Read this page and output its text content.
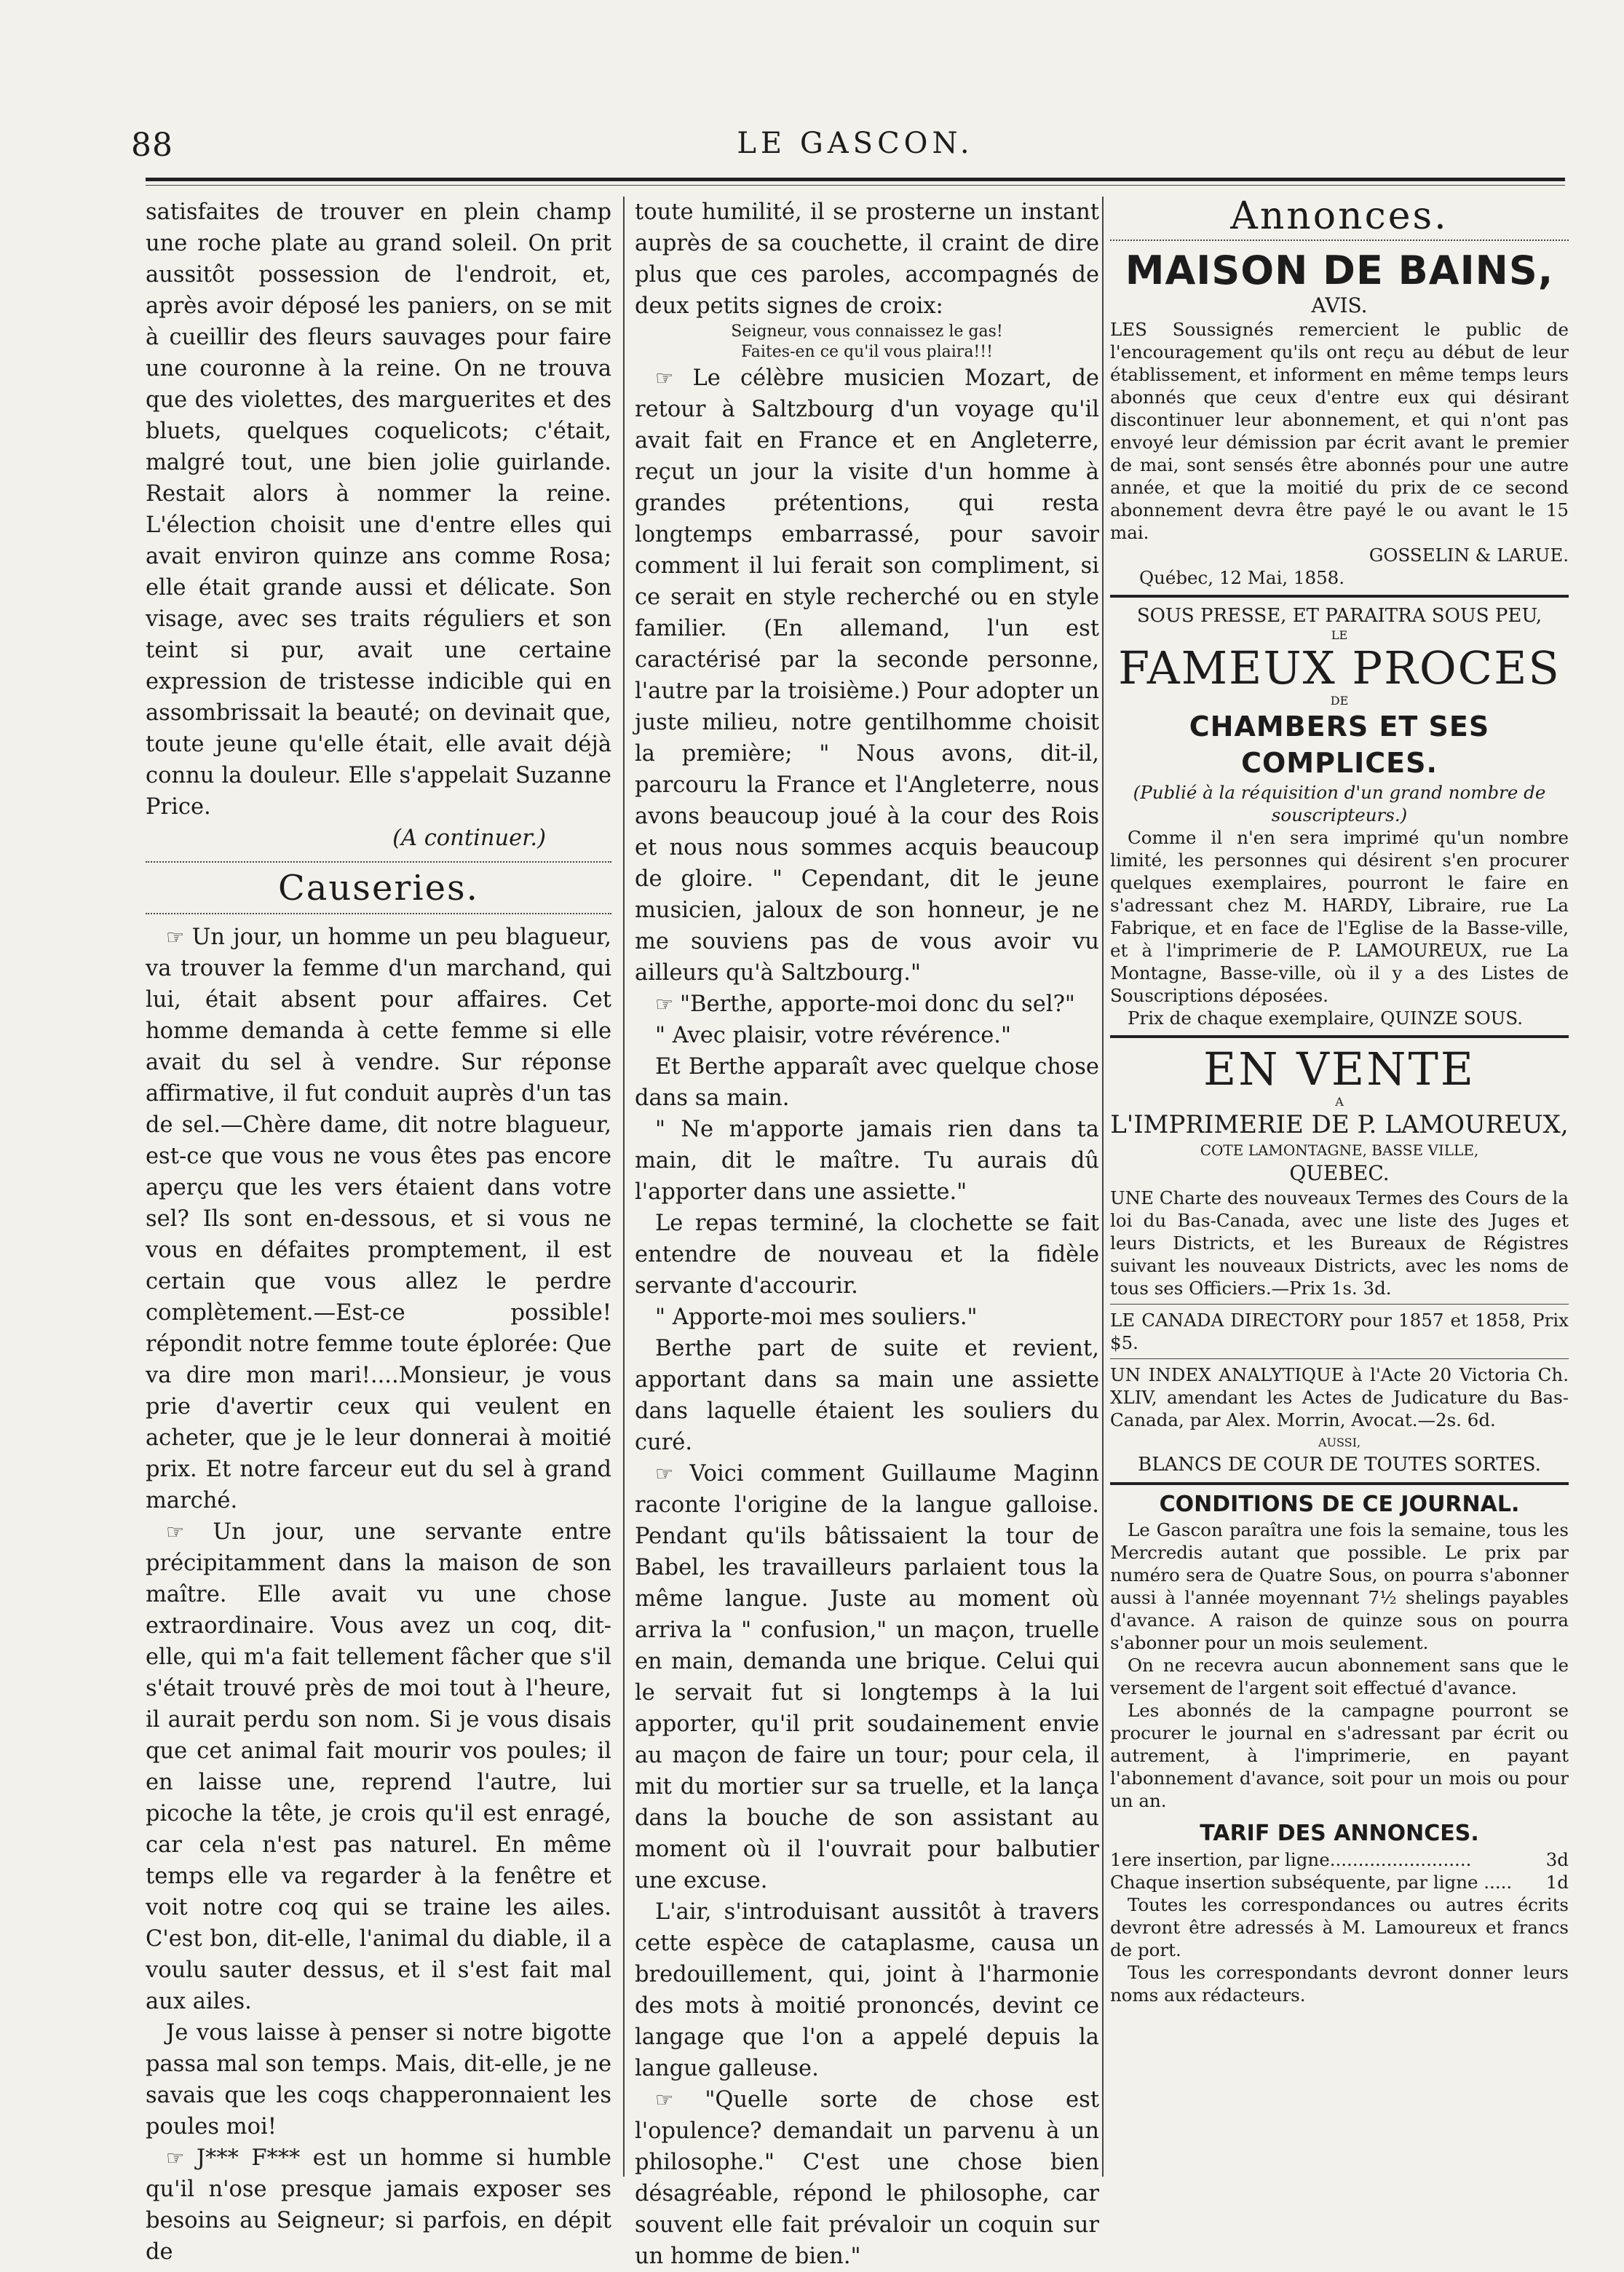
88	LE GASCON.

satisfaites de trouver en plein champ une roche plate au grand soleil. On prit aussitôt possession de l'endroit, et, après avoir déposé les paniers, on se mit à cueillir des fleurs sauvages pour faire une couronne à la reine. On ne trouva que des violettes, des marguerites et des bluets, quelques coquelicots; c'était, malgré tout, une bien jolie guirlande. Restait alors à nommer la reine. L'élection choisit une d'entre elles qui avait environ quinze ans comme Rosa; elle était grande aussi et délicate. Son visage, avec ses traits réguliers et son teint si pur, avait une certaine expression de tristesse indicible qui en assombrissait la beauté; on devinait que, toute jeune qu'elle était, elle avait déjà connu la douleur. Elle s'appelait Suzanne Price.

(A continuer.)
Causeries.

☞ Un jour, un homme un peu blagueur, va trouver la femme d'un marchand, qui lui, était absent pour affaires. Cet homme demanda à cette femme si elle avait du sel à vendre. Sur réponse affirmative, il fut conduit auprès d'un tas de sel.—Chère dame, dit notre blagueur, est-ce que vous ne vous êtes pas encore aperçu que les vers étaient dans votre sel? Ils sont en-dessous, et si vous ne vous en défaites promptement, il est certain que vous allez le perdre complètement.—Est-ce possible! répondit notre femme toute éplorée: Que va dire mon mari!....Monsieur, je vous prie d'avertir ceux qui veulent en acheter, que je le leur donnerai à moitié prix. Et notre farceur eut du sel à grand marché.

☞ Un jour, une servante entre précipitamment dans la maison de son maître. Elle avait vu une chose extraordinaire. Vous avez un coq, dit-elle, qui m'a fait tellement fâcher que s'il s'était trouvé près de moi tout à l'heure, il aurait perdu son nom. Si je vous disais que cet animal fait mourir vos poules; il en laisse une, reprend l'autre, lui picoche la tête, je crois qu'il est enragé, car cela n'est pas naturel. En même temps elle va regarder à la fenêtre et voit notre coq qui se traine les ailes. C'est bon, dit-elle, l'animal du diable, il a voulu sauter dessus, et il s'est fait mal aux ailes.

Je vous laisse à penser si notre bigotte passa mal son temps. Mais, dit-elle, je ne savais que les coqs chapperonnaient les poules moi!

☞ J*** F*** est un homme si humble qu'il n'ose presque jamais exposer ses besoins au Seigneur; si parfois, en dépit de

toute humilité, il se prosterne un instant auprès de sa couchette, il craint de dire plus que ces paroles, accompagnés de deux petits signes de croix:

Seigneur, vous connaissez le gas!
Faites-en ce qu'il vous plaira!!!

☞ Le célèbre musicien Mozart, de retour à Saltzbourg d'un voyage qu'il avait fait en France et en Angleterre, reçut un jour la visite d'un homme à grandes prétentions, qui resta longtemps embarrassé, pour savoir comment il lui ferait son compliment, si ce serait en style recherché ou en style familier. (En allemand, l'un est caractérisé par la seconde personne, l'autre par la troisième.) Pour adopter un juste milieu, notre gentilhomme choisit la première; " Nous avons, dit-il, parcouru la France et l'Angleterre, nous avons beaucoup joué à la cour des Rois et nous nous sommes acquis beaucoup de gloire. " Cependant, dit le jeune musicien, jaloux de son honneur, je ne me souviens pas de vous avoir vu ailleurs qu'à Saltzbourg."

☞ "Berthe, apporte-moi donc du sel?"

" Avec plaisir, votre révérence."

Et Berthe apparaît avec quelque chose dans sa main.

" Ne m'apporte jamais rien dans ta main, dit le maître. Tu aurais dû l'apporter dans une assiette."

Le repas terminé, la clochette se fait entendre de nouveau et la fidèle servante d'accourir.

" Apporte-moi mes souliers."

Berthe part de suite et revient, apportant dans sa main une assiette dans laquelle étaient les souliers du curé.

☞ Voici comment Guillaume Maginn raconte l'origine de la langue galloise. Pendant qu'ils bâtissaient la tour de Babel, les travailleurs parlaient tous la même langue. Juste au moment où arriva la " confusion," un maçon, truelle en main, demanda une brique. Celui qui le servait fut si longtemps à la lui apporter, qu'il prit soudainement envie au maçon de faire un tour; pour cela, il mit du mortier sur sa truelle, et la lança dans la bouche de son assistant au moment où il l'ouvrait pour balbutier une excuse.

L'air, s'introduisant aussitôt à travers cette espèce de cataplasme, causa un bredouillement, qui, joint à l'harmonie des mots à moitié prononcés, devint ce langage que l'on a appelé depuis la langue galleuse.

☞ "Quelle sorte de chose est l'opulence? demandait un parvenu à un philosophe." C'est une chose bien désagréable, répond le philosophe, car souvent elle fait prévaloir un coquin sur un homme de bien."

Annonces.
MAISON DE BAINS,
AVIS.

LES Soussignés remercient le public de l'encouragement qu'ils ont reçu au début de leur établissement, et informent en même temps leurs abonnés que ceux d'entre eux qui désirant discontinuer leur abonnement, et qui n'ont pas envoyé leur démission par écrit avant le premier de mai, sont sensés être abonnés pour une autre année, et que la moitié du prix de ce second abonnement devra être payé le ou avant le 15 mai.

GOSSELIN & LARUE.
Québec, 12 Mai, 1858.
SOUS PRESSE, ET PARAITRA SOUS PEU,
LE
FAMEUX PROCES
DE
CHAMBERS ET SES COMPLICES.
(Publié à la réquisition d'un grand nombre de souscripteurs.)

Comme il n'en sera imprimé qu'un nombre limité, les personnes qui désirent s'en procurer quelques exemplaires, pourront le faire en s'adressant chez M. HARDY, Libraire, rue La Fabrique, et en face de l'Eglise de la Basse-ville, et à l'imprimerie de P. LAMOUREUX, rue La Montagne, Basse-ville, où il y a des Listes de Souscriptions déposées.

Prix de chaque exemplaire, QUINZE SOUS.

EN VENTE
A
L'IMPRIMERIE DE P. LAMOUREUX,
COTE LAMONTAGNE, BASSE VILLE,
QUEBEC.

UNE Charte des nouveaux Termes des Cours de la loi du Bas-Canada, avec une liste des Juges et leurs Districts, et les Bureaux de Régistres suivant les nouveaux Districts, avec les noms de tous ses Officiers.—Prix 1s. 3d.

LE CANADA DIRECTORY pour 1857 et 1858, Prix $5.

UN INDEX ANALYTIQUE à l'Acte 20 Victoria Ch. XLIV, amendant les Actes de Judicature du Bas-Canada, par Alex. Morrin, Avocat.—2s. 6d.

AUSSI,
BLANCS DE COUR DE TOUTES SORTES.
CONDITIONS DE CE JOURNAL.

Le Gascon paraîtra une fois la semaine, tous les Mercredis autant que possible. Le prix par numéro sera de Quatre Sous, on pourra s'abonner aussi à l'année moyennant 7½ shelings payables d'avance. A raison de quinze sous on pourra s'abonner pour un mois seulement.

On ne recevra aucun abonnement sans que le versement de l'argent soit effectué d'avance.

Les abonnés de la campagne pourront se procurer le journal en s'adressant par écrit ou autrement, à l'imprimerie, en payant l'abonnement d'avance, soit pour un mois ou pour un an.

TARIF DES ANNONCES.
1ere insertion, par ligne.........................	3d
Chaque insertion subséquente, par ligne ..... 1d

Toutes les correspondances ou autres écrits devront être adressés à M. Lamoureux et francs de port.

Tous les correspondants devront donner leurs noms aux rédacteurs.
